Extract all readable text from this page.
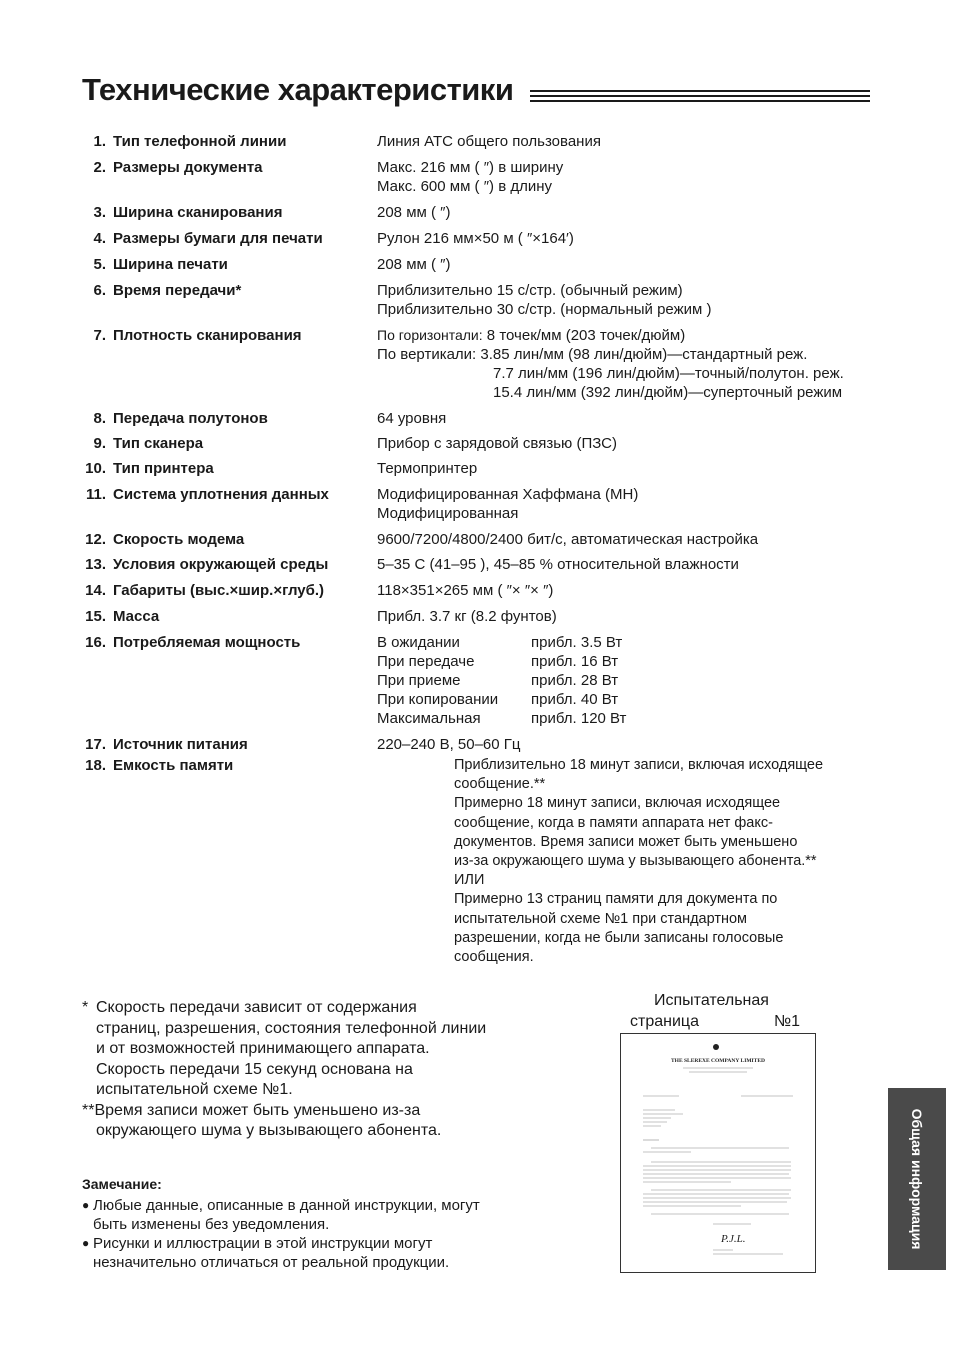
Технические характеристики
1. Тип телефонной линии	Линия АТС общего пользования
2. Размеры документа	Макс. 216 мм ( ″) в ширину
Макс. 600 мм ( ″) в длину
3. Ширина сканирования	208 мм ( ″)
4. Размеры бумаги для печати	Рулон 216 мм×50 м ( ″×164′)
5. Ширина печати	208 мм ( ″)
6. Время передачи*	Приблизительно 15 с/стр. (обычный режим)
Приблизительно 30 с/стр. (нормальный режим )
7. Плотность сканирования	По горизонтали: 8 точек/мм (203 точек/дюйм)
По вертикали: 3.85 лин/мм (98 лин/дюйм)—стандартный реж.
7.7 лин/мм (196 лин/дюйм)—точный/полутон. реж.
15.4 лин/мм (392 лин/дюйм)—суперточный режим
8. Передача полутонов	64 уровня
9. Тип сканера	Прибор с зарядовой связью (ПЗС)
10. Тип принтера	Термопринтер
11. Система уплотнения данных	Модифицированная Хаффмана (MH)
Модифицированная
12. Скорость модема	9600/7200/4800/2400 бит/с, автоматическая настройка
13. Условия окружающей среды	5–35 C (41–95 ), 45–85 % относительной влажности
14. Габариты (выс.×шир.×глуб.)	118×351×265 мм ( ″× ″× ″)
15. Масса	Прибл. 3.7 кг (8.2 фунтов)
16. Потребляемая мощность	В ожидании	прибл. 3.5 Вт
При передаче	прибл. 16 Вт
При приеме	прибл. 28 Вт
При копировании	прибл. 40 Вт
Максимальная	прибл. 120 Вт
17. Источник питания	220–240 В, 50–60 Гц
18. Емкость памяти	Приблизительно 18 минут записи, включая исходящее
сообщение.**
Примерно 18 минут записи, включая исходящее
сообщение, когда в памяти аппарата нет факс-
документов. Время записи может быть уменьшено
из-за окружающего шума у вызывающего абонента.**
ИЛИ
Примерно 13 страниц памяти для документа по
испытательной схеме №1 при стандартном
разрешении, когда не были записаны голосовые
сообщения.
* Скорость передачи зависит от содержания
страниц, разрешения, состояния телефонной линии
и от возможностей принимающего аппарата.
Скорость передачи 15 секунд основана на
испытательной схеме №1.
**Время записи может быть уменьшено из-за
окружающего шума у вызывающего абонента.
Замечание:
● Любые данные, описанные в данной инструкции, могут
быть изменены без уведомления.
● Рисунки и иллюстрации в этой инструкции могут
незначительно отличаться от реальной продукции.
Испытательная
страница	№1
THE SLEREXE COMPANY LIMITED
P.J.L.	Общая информация
